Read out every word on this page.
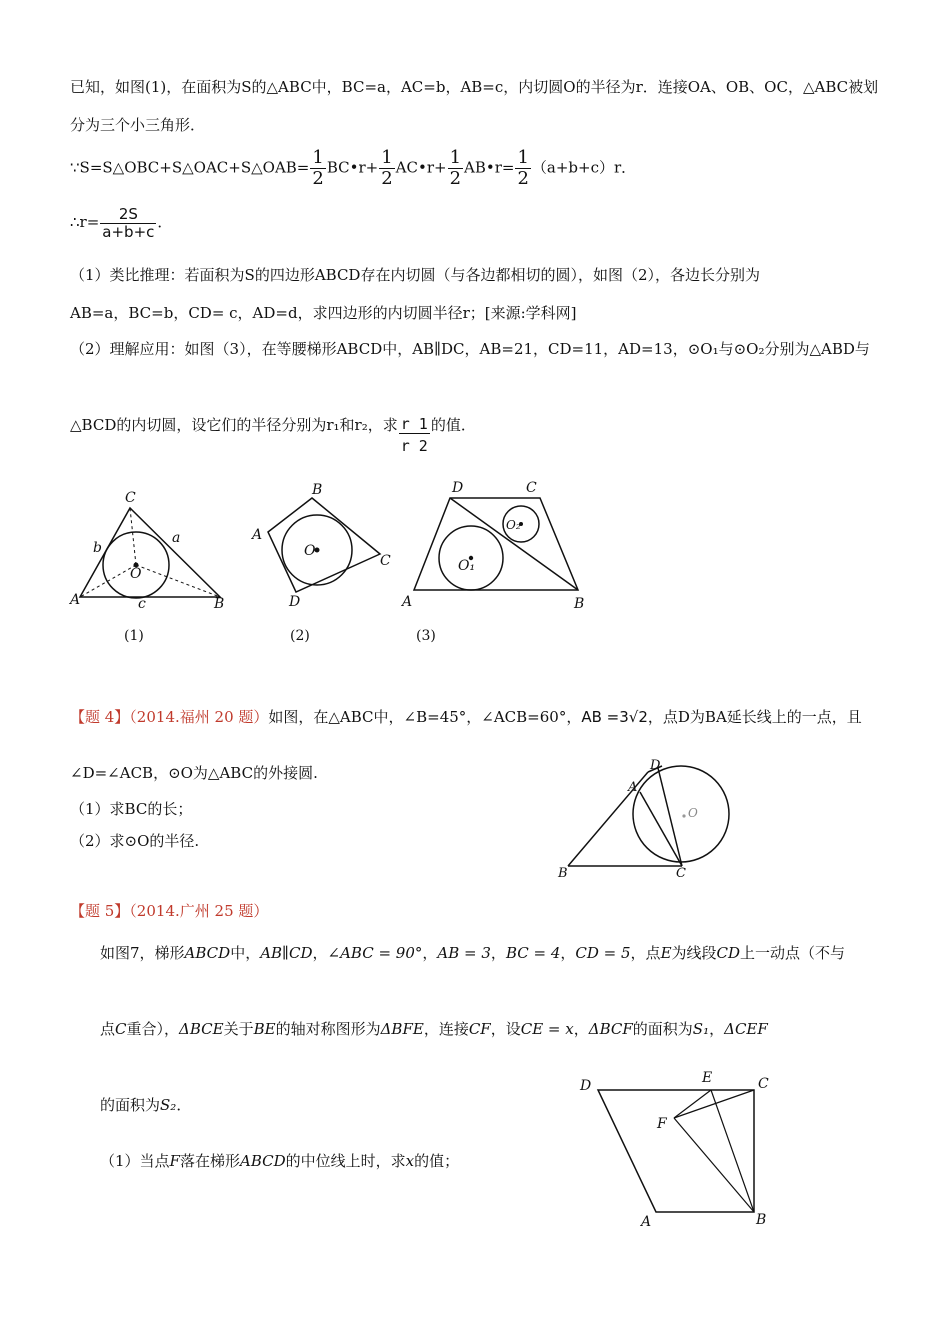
已知，如图(1)，在面积为S的△ABC中，BC=a，AC=b，AB=c，内切圆O的半径为r．连接OA、OB、OC，△ABC被划
分为三个小三角形．
∵S=S△OBC+S△OAC+S△OAB= $\frac{1}{2}$ BC•r+ $\frac{1}{2}$ AC•r+ $\frac{1}{2}$ AB•r= $\frac{1}{2} (a+b+c)r$．
∴r= $\frac{2S}{a+b+c}$ ．
（1）类比推理：若面积为S的四边形ABCD存在内切圆（与各边都相切的圆），如图（2），各边长分别为
AB=a，BC=b，CD= c，AD=d，求四边形的内切圆半径r；[来源:学科网]
（2）理解应用：如图（3），在等腰梯形ABCD中，AB∥DC，AB=21，CD=11，AD=13，⊙O₁与⊙O₂分别为△ABD与
△BCD的内切圆，设它们的半径分别为r₁和r₂，求 $\frac{r 1}{r 2}$ 的值．
C
A	B
O
a
b
c
B
A
C
D
O
D	C
A	B
O₁
O₂
(1)	(2)	(3)
【题 4】（2014.福州 20 题）如图，在△ABC中，∠B=45°，∠ACB=60°，AB =3√2，点D为BA延长线上的一点，且
∠D=∠ACB，⊙O为△ABC的外接圆.
（1）求BC的长；
（2）求⊙O的半径.
D
A
O
B	C
【题 5】（2014.广州 25 题）
如图7，梯形ABCD中，AB∥CD，∠ABC = 90°，AB = 3，BC = 4，CD = 5，点E为线段CD上一动点（不与
点C重合），ΔBCE关于BE的轴对称图形为ΔBFE，连接CF，设CE = x，ΔBCF的面积为S₁，ΔCEF
的面积为S₂．
（1）当点F落在梯形ABCD的中位线上时，求x的值；
D	E	C
F
A	B
